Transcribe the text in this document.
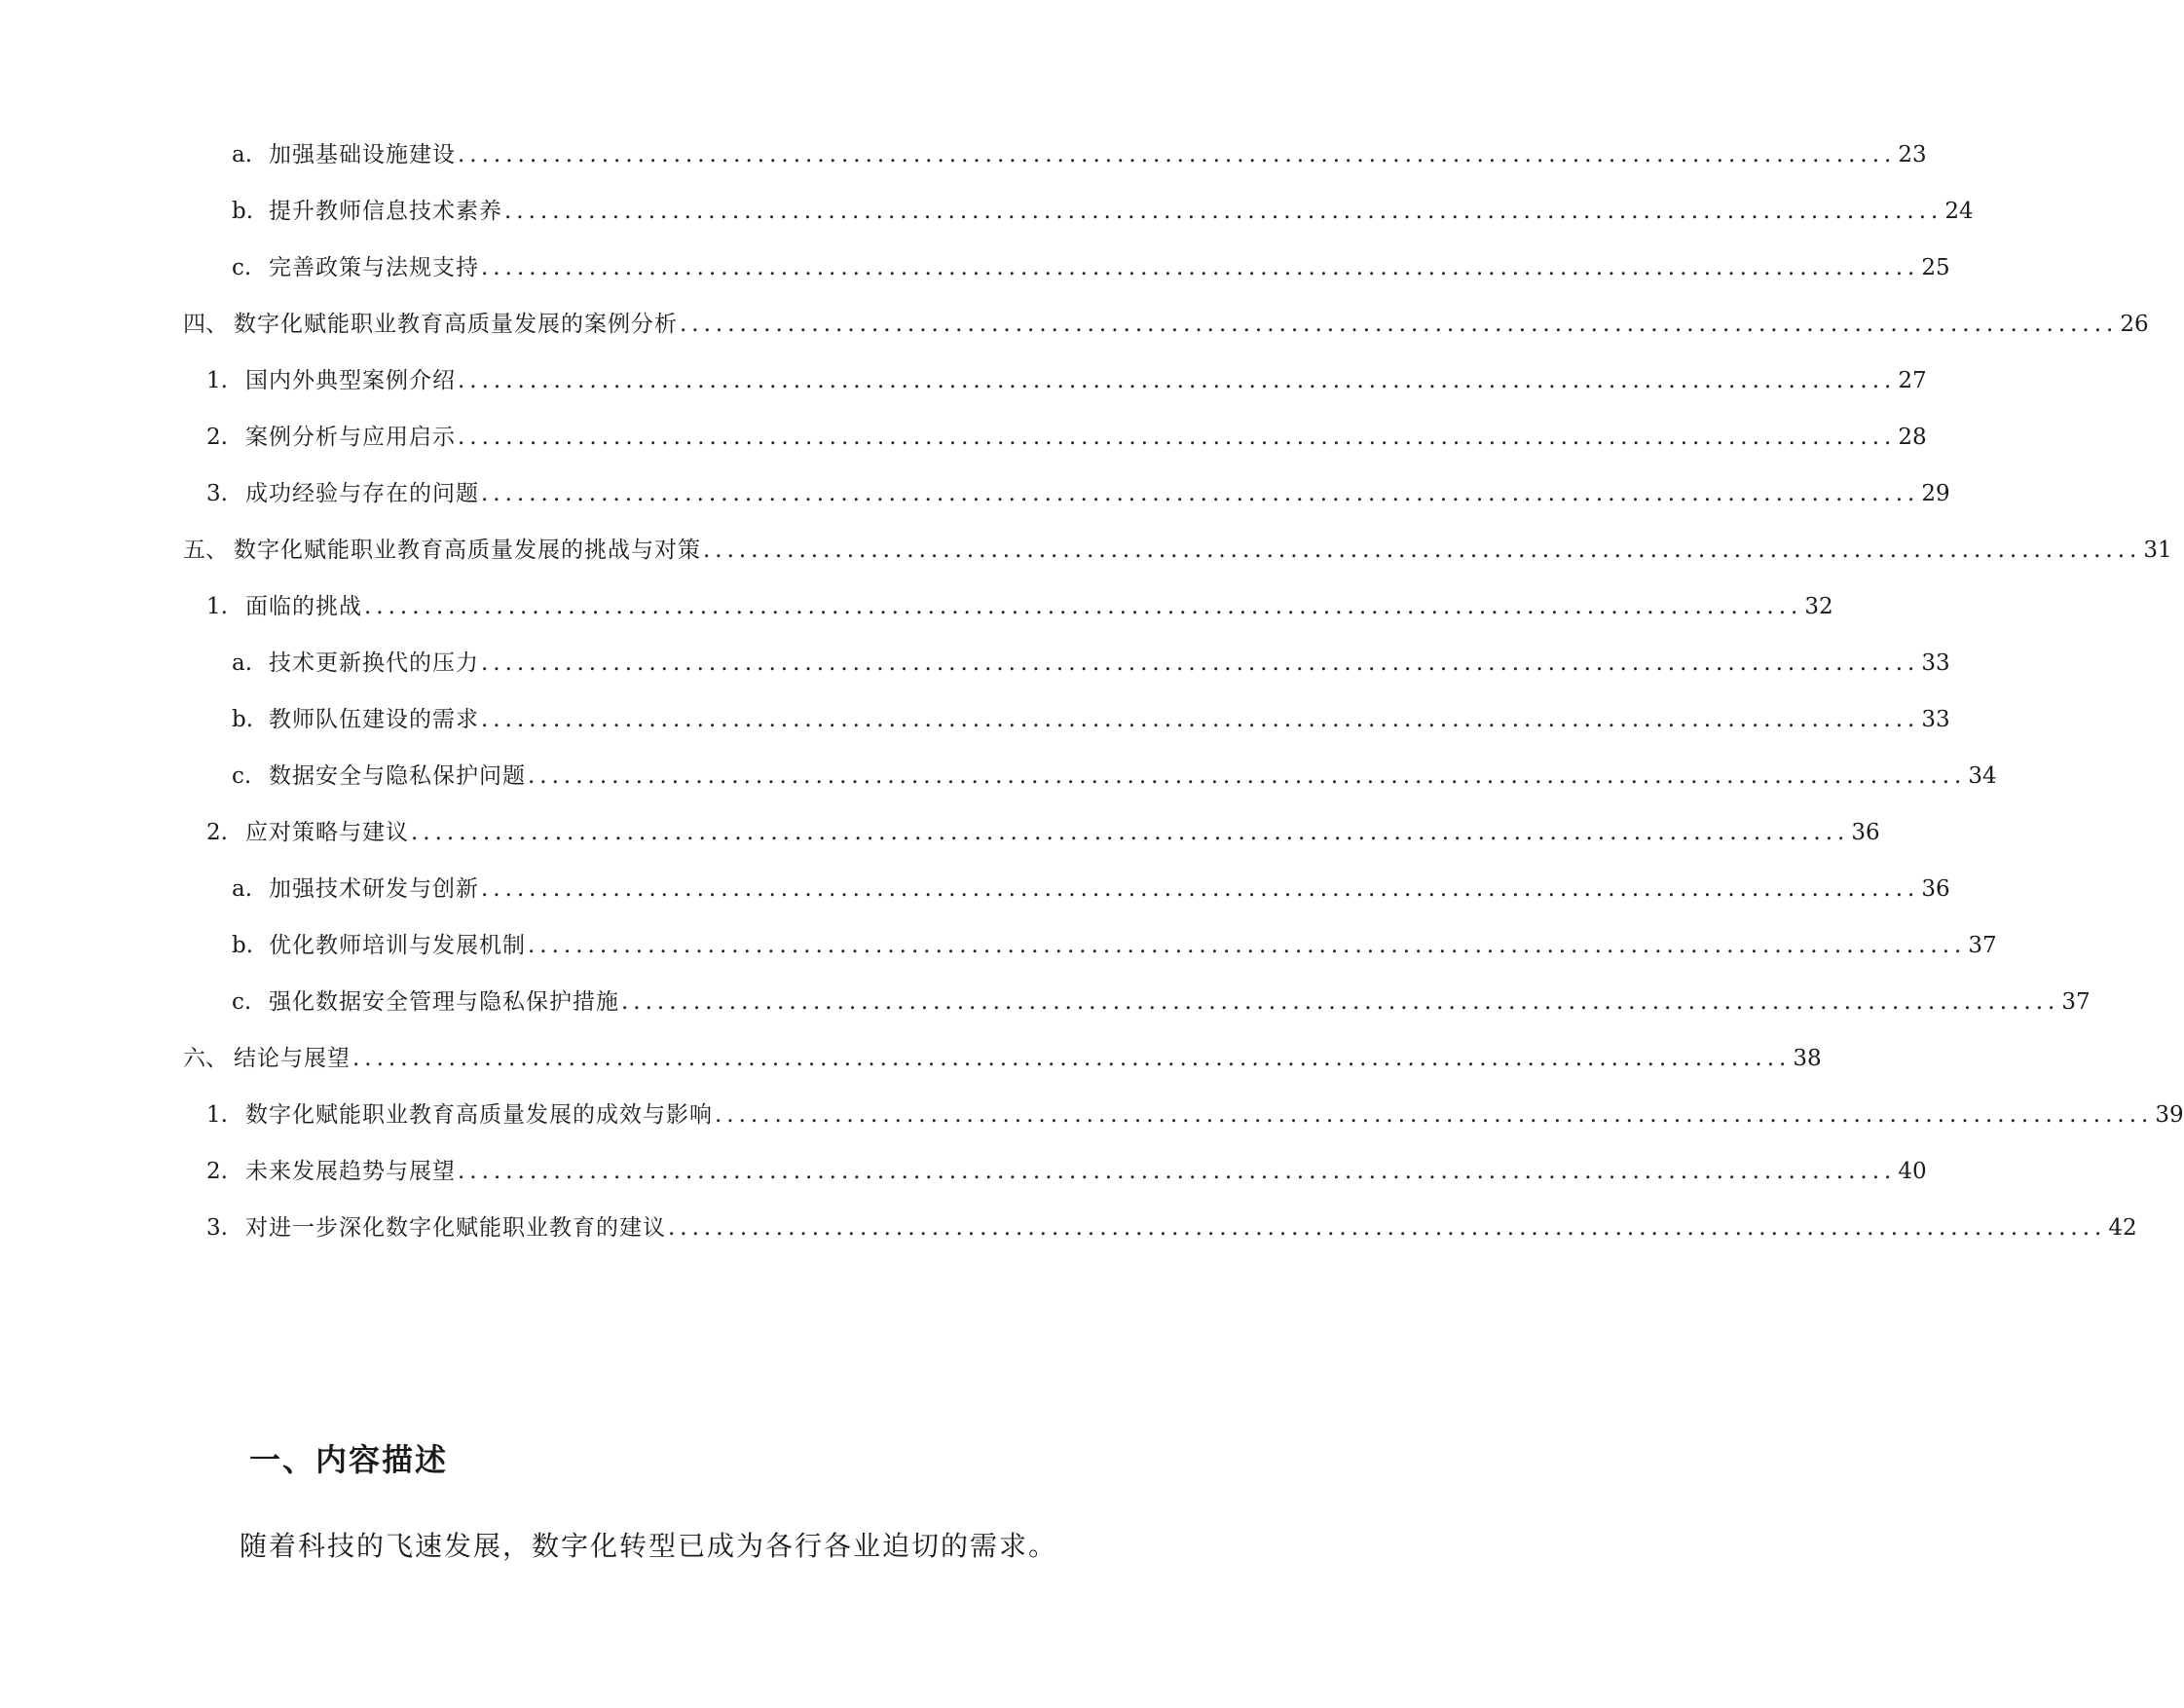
a. 加强基础设施建设 ........................................................................................................................ 23
b. 提升教师信息技术素养 ........................................................................................................................ 24
c. 完善政策与法规支持 ........................................................................................................................ 25
四、 数字化赋能职业教育高质量发展的案例分析 ........................................................................................................................ 26
1. 国内外典型案例介绍 ........................................................................................................................ 27
2. 案例分析与应用启示 ........................................................................................................................ 28
3. 成功经验与存在的问题 ........................................................................................................................ 29
五、 数字化赋能职业教育高质量发展的挑战与对策 ........................................................................................................................ 31
1. 面临的挑战 ........................................................................................................................ 32
a. 技术更新换代的压力 ........................................................................................................................ 33
b. 教师队伍建设的需求 ........................................................................................................................ 33
c. 数据安全与隐私保护问题 ........................................................................................................................ 34
2. 应对策略与建议 ........................................................................................................................ 36
a. 加强技术研发与创新 ........................................................................................................................ 36
b. 优化教师培训与发展机制 ........................................................................................................................ 37
c. 强化数据安全管理与隐私保护措施 ........................................................................................................................ 37
六、 结论与展望 ........................................................................................................................ 38
1. 数字化赋能职业教育高质量发展的成效与影响 ........................................................................................................................ 39
2. 未来发展趋势与展望 ........................................................................................................................ 40
3. 对进一步深化数字化赋能职业教育的建议 ........................................................................................................................ 42
一、内容描述

随着科技的飞速发展，数字化转型已成为各行各业迫切的需求。
